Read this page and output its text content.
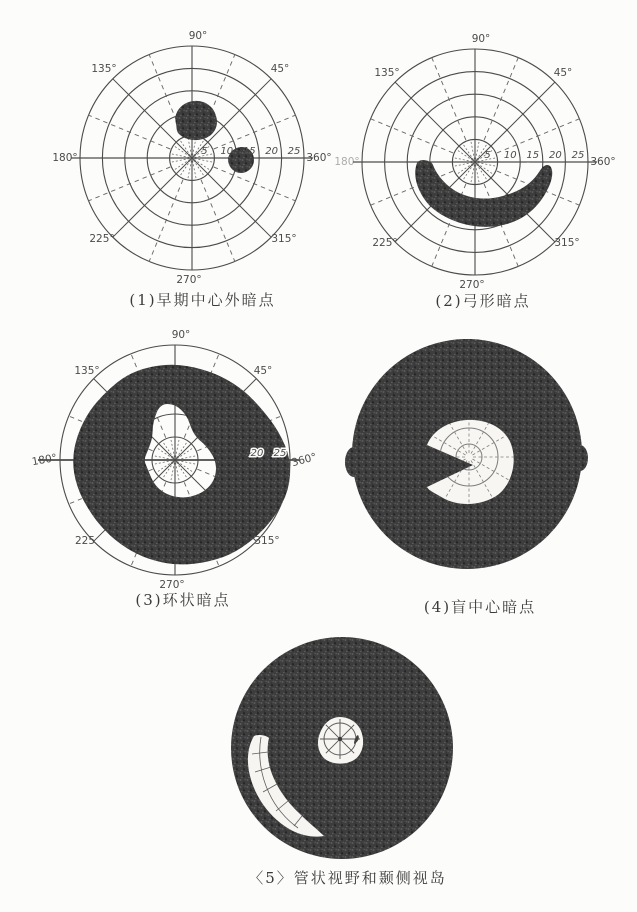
90°
45°
360°
315°
270°
225°
180°
135°
5 10 15 20 25
(1)早期中心外暗点
90°
45°
360°
315°
270°
225°
180°
135°
5 10 15 20 25
(2)弓形暗点
90°
45°
360°
315°
270°
225
180°
135°
20 25
(3)环状暗点	(4)盲中心暗点
〈5〉管状视野和颞侧视岛
